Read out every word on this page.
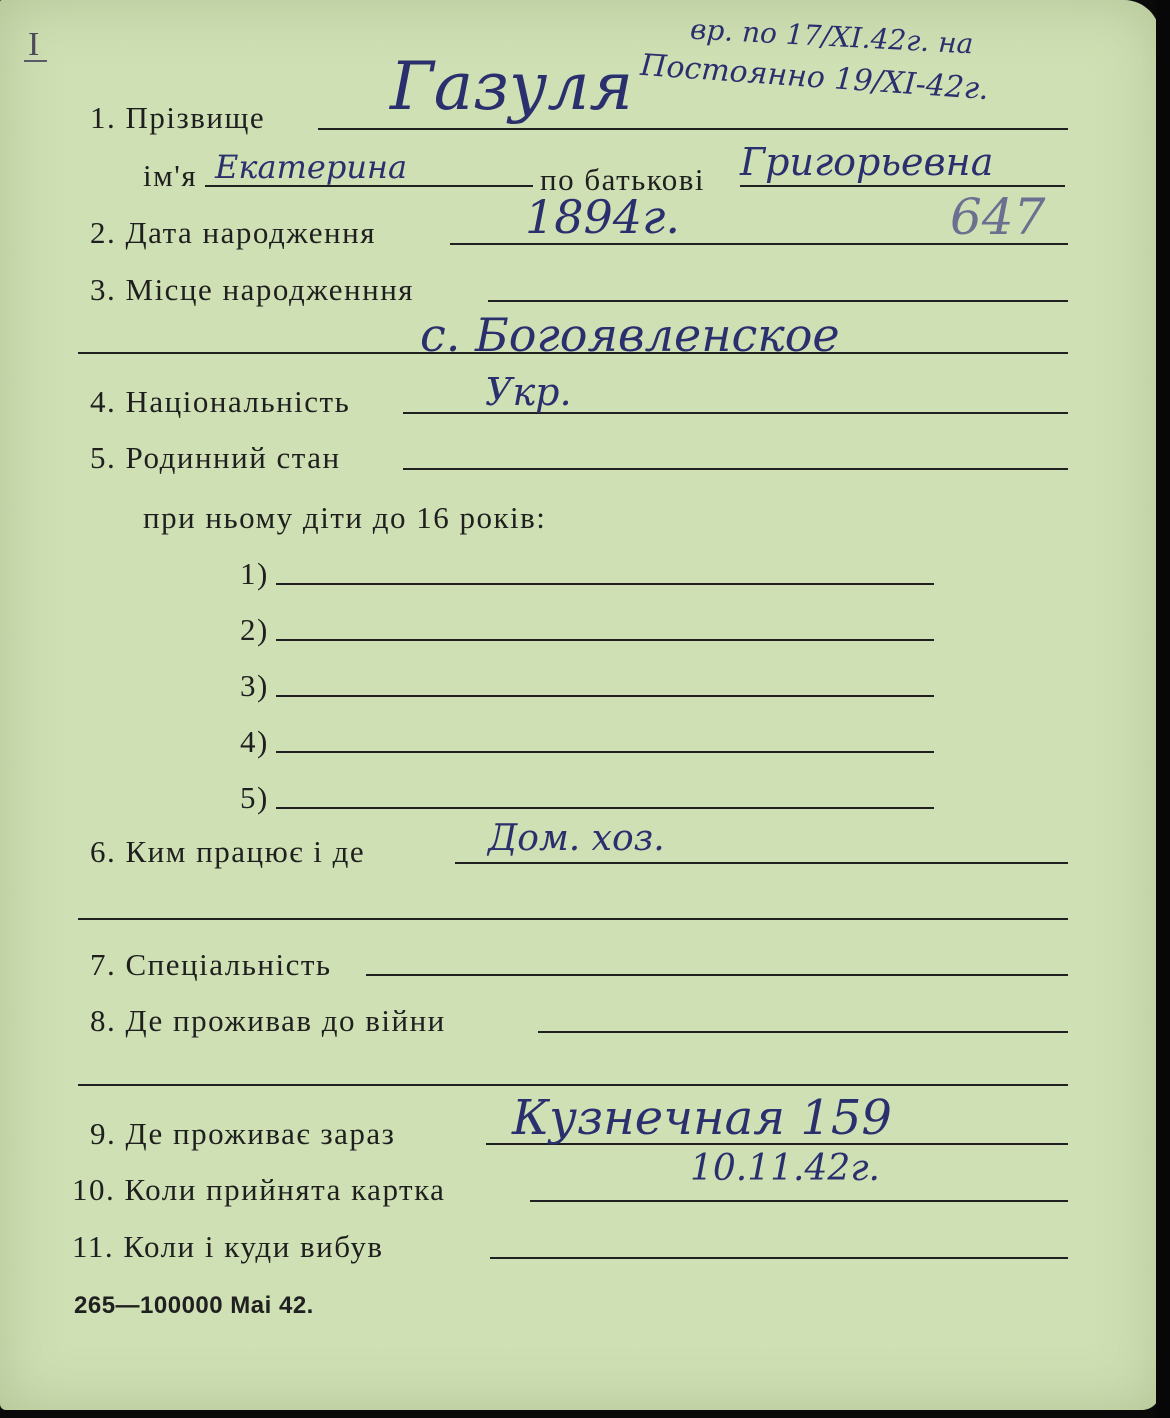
I	вр. по 17/XI.42г. на
Постоянно 19/XI-42г.
1. Прізвище Газуля
ім'я Екатерина	по батькові Григорьевна
2. Дата народження	1894г.	647
3. Місце народженння
с. Богоявленское
4. Національність	Укр.
5. Родинний стан
при ньому діти до 16 років:
1)
2)
3)
4)
5)
6. Ким працює і де	Дом. хоз.
7. Спеціальність
8. Де проживав до війни
9. Де проживає зараз Кузнечная 159
10. Коли прийнята картка
10.11.42г.
11. Коли і куди вибув
265—100000 Mai 42.
